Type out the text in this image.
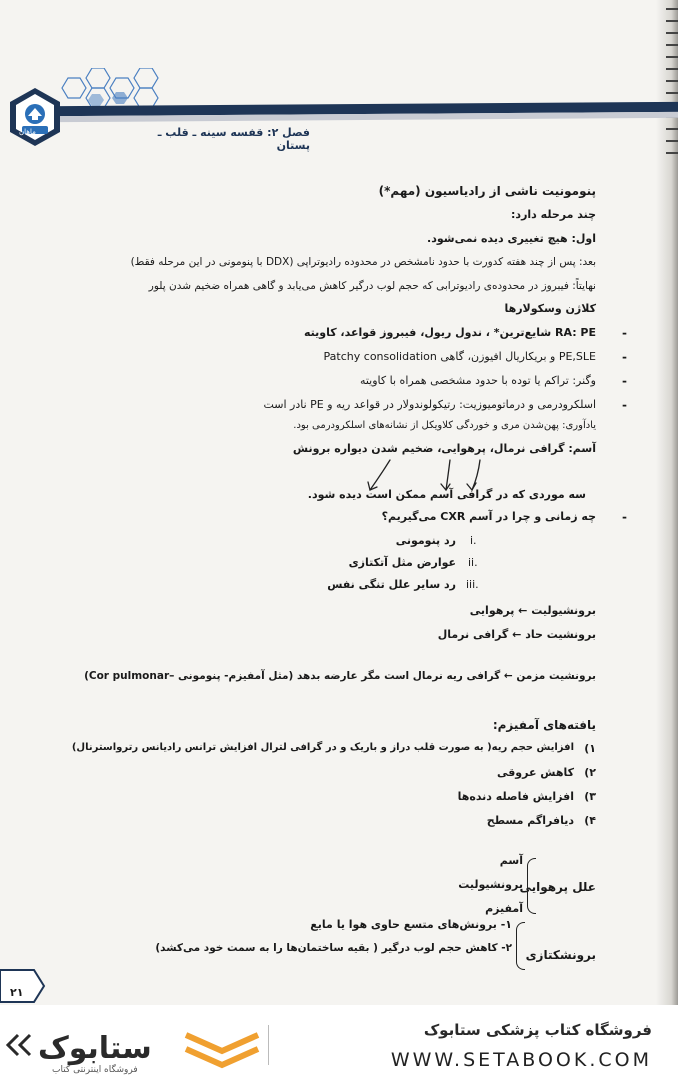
ماهان	فصل ۲: قفسه سینه ـ قلب ـ پستان
پنومونیت ناشی از رادیاسیون (مهم*)
چند مرحله دارد:
اول: هیچ تغییری دیده نمی‌شود.
بعد: پس از چند هفته کدورت با حدود نامشخص در محدوده رادیوتراپی (DDX با پنومونی در این مرحله فقط)
نهایتاً: فیبروز در محدوده‌ی رادیوترابی که حجم لوب درگیر کاهش می‌یابد و گاهی همراه ضخیم شدن پلور
کلاژن وسکولارها
-
RA: PE شایع‌ترین* ، ندول ریول، فیبروز قواعد، کاویته
-
PE,SLE و بریکاریال افیوزن، گاهی Patchy consolidation
-
وگنر: تراکم یا توده با حدود مشخصی همراه با کاویته
-
اسلکرودرمی و درماتومیوزیت: رتیکولوندولار در قواعد ریه و PE نادر است
یادآوری: پهن‌شدن مری و خوردگی کلاویکل از نشانه‌های اسلکرودرمی بود.
آسم: گرافی نرمال، پرهوایی، ضخیم شدن دیواره برونش
سه موردی که در گرافی آسم ممکن است دیده شود.
-
چه زمانی و چرا در آسم CXR می‌گیریم؟
i.
رد پنومونی
ii.
عوارض مثل آتکتازی
iii.
رد سایر علل تنگی نفس
برونشیولیت ← پرهوایی
برونشیت حاد ← گرافی نرمال
برونشیت مزمن ← گرافی ریه نرمال است مگر عارضه بدهد (مثل آمفیزم- پنومونی –Cor pulmonar)
یافته‌های آمفیزم:
۱)
افزایش حجم ریه( به صورت قلب دراز و باریک و در گرافی لترال افزایش ترانس رادیانس رترواسترنال)
۲)
کاهش عروقی
۳)
افزایش فاصله دنده‌ها
۴)
دیافراگم مسطح
علل پرهوایی
آسم
برونشیولیت
آمفیزم
برونشکتازی
۱- برونش‌های متسع حاوی هوا یا مایع
۲- کاهش حجم لوب درگیر ( بقیه ساختمان‌ها را به سمت خود می‌کشد)
۲۱
فروشگاه کتاب پزشکی ستابوک
WWW.SETABOOK.COM
ستابوک
فروشگاه اینترنتی کتاب
